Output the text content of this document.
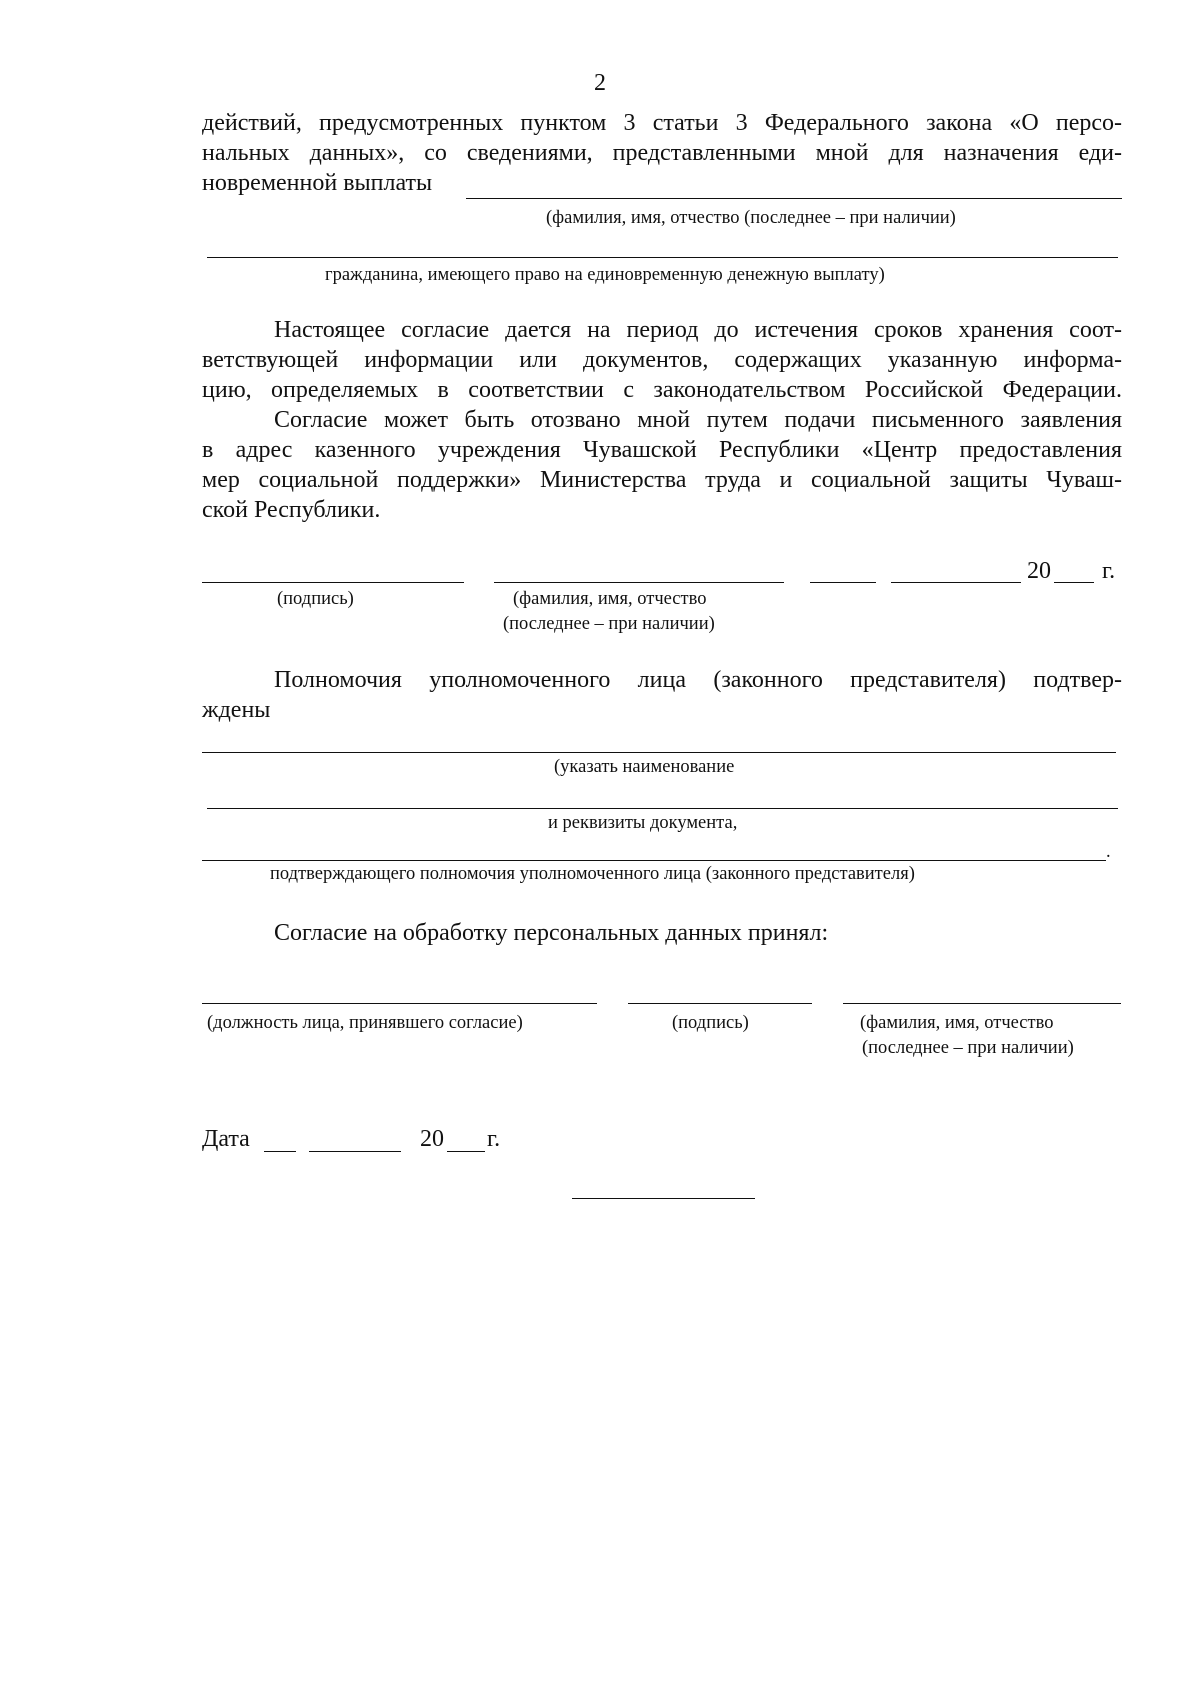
2
действий, предусмотренных пунктом 3 статьи 3 Федерального закона «О персо-
нальных данных», со сведениями, представленными мной для назначения еди-
новременной выплаты
(фамилия, имя, отчество (последнее – при наличии)
гражданина, имеющего право на единовременную денежную выплату)
Настоящее согласие дается на период до истечения сроков хранения соот-
ветствующей информации или документов, содержащих указанную информа-
цию, определяемых в соответствии с законодательством Российской Федерации.
Согласие может быть отозвано мной путем подачи письменного заявления
в адрес казенного учреждения Чувашской Республики «Центр предоставления
мер социальной поддержки» Министерства труда и социальной защиты Чуваш-
ской Республики.
20 г.
(подпись)	(фамилия, имя, отчество
(последнее – при наличии)
Полномочия уполномоченного лица (законного представителя) подтвер-
ждены
(указать наименование
и реквизиты документа,
.
подтверждающего полномочия уполномоченного лица (законного представителя)
Согласие на обработку персональных данных принял:
(должность лица, принявшего согласие)	(подпись)	(фамилия, имя, отчество
(последнее – при наличии)
Дата	20 г.
